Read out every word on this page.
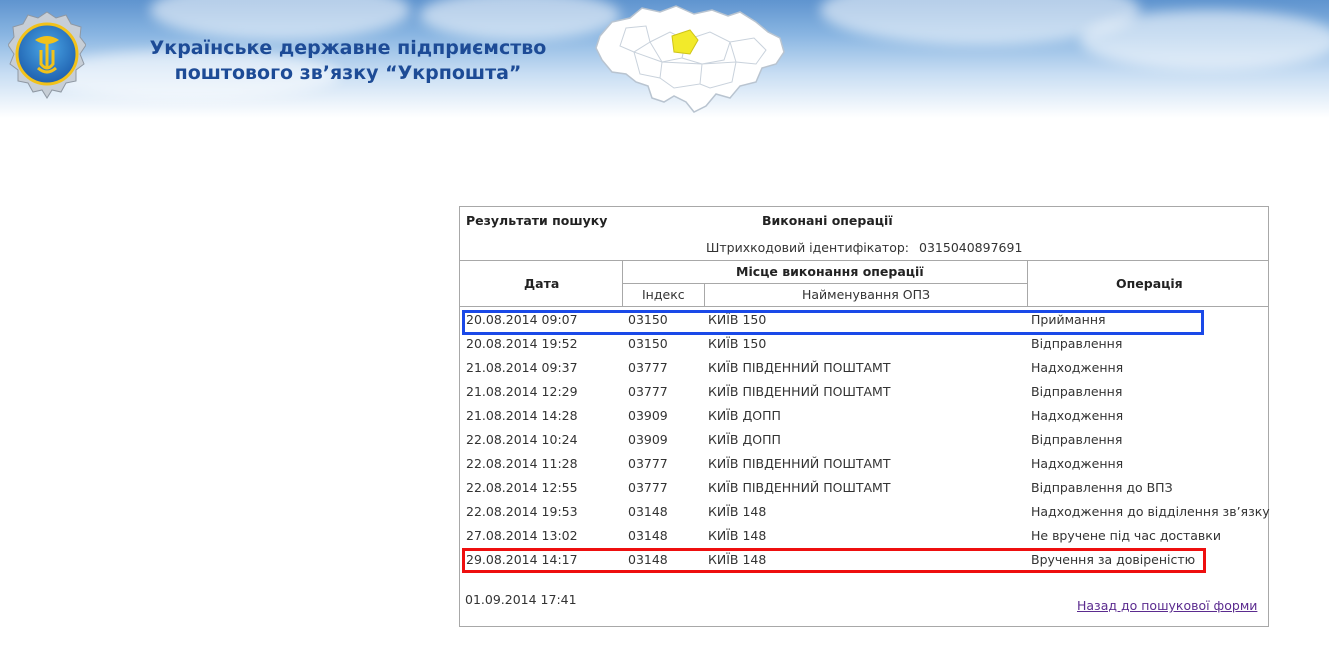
Українське державне підприємство
поштового зв’язку “Укрпошта”
Результати пошуку	Виконані операції
Штрихкодовий ідентифікатор: 0315040897691
Дата
Місце виконання операції
Індекс	Найменування ОПЗ
Операція
20.08.2014 09:07	03150	КИЇВ 150	Приймання
20.08.2014 19:52	03150	КИЇВ 150	Відправлення
21.08.2014 09:37	03777	КИЇВ ПІВДЕННИЙ ПОШТАМТ	Надходження
21.08.2014 12:29	03777	КИЇВ ПІВДЕННИЙ ПОШТАМТ	Відправлення
21.08.2014 14:28	03909	КИЇВ ДОПП	Надходження
22.08.2014 10:24	03909	КИЇВ ДОПП	Відправлення
22.08.2014 11:28	03777	КИЇВ ПІВДЕННИЙ ПОШТАМТ	Надходження
22.08.2014 12:55	03777	КИЇВ ПІВДЕННИЙ ПОШТАМТ	Відправлення до ВПЗ
22.08.2014 19:53	03148	КИЇВ 148	Надходження до відділення зв’язку
27.08.2014 13:02	03148	КИЇВ 148	Не вручене під час доставки
29.08.2014 14:17	03148	КИЇВ 148	Вручення за довіреністю
01.09.2014 17:41	Назад до пошукової форми
